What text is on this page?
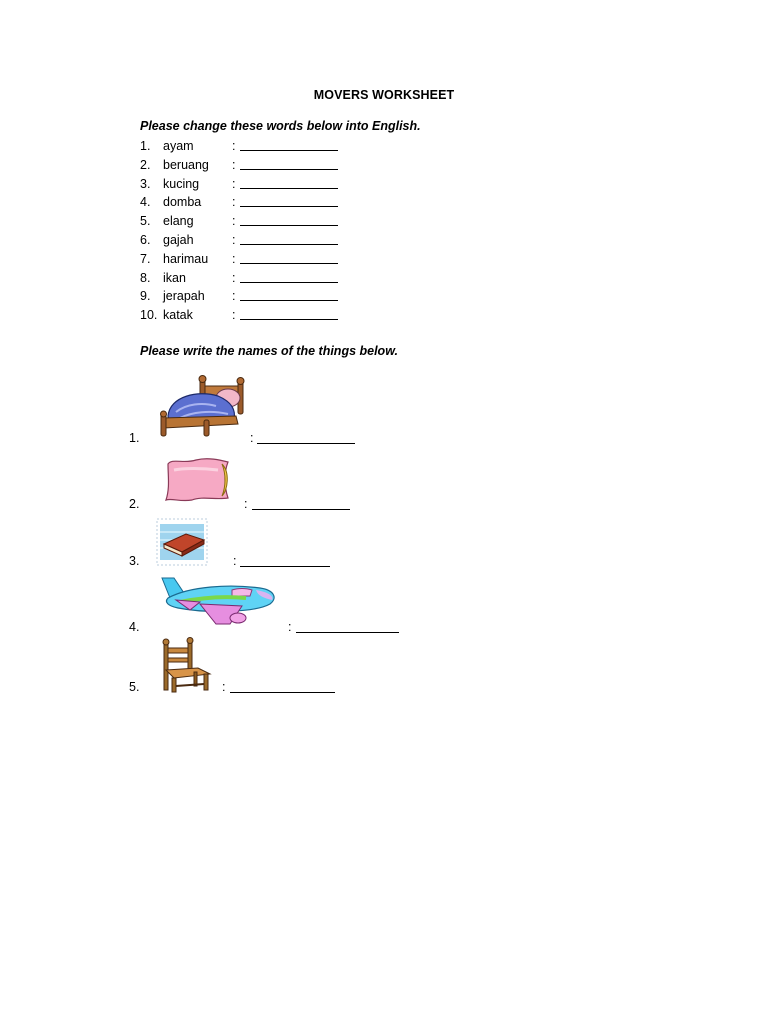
MOVERS WORKSHEET
Please change these words below into English.
1. ayam	:
2. beruang :
3. kucing	:
4. domba :
5. elang	:
6. gajah	:
7. harimau :
8. ikan	:
9. jerapah :
10. katak	:
Please write the names of the things below.
1.	:
2.	:
3.	:
4.	:
5.	:
